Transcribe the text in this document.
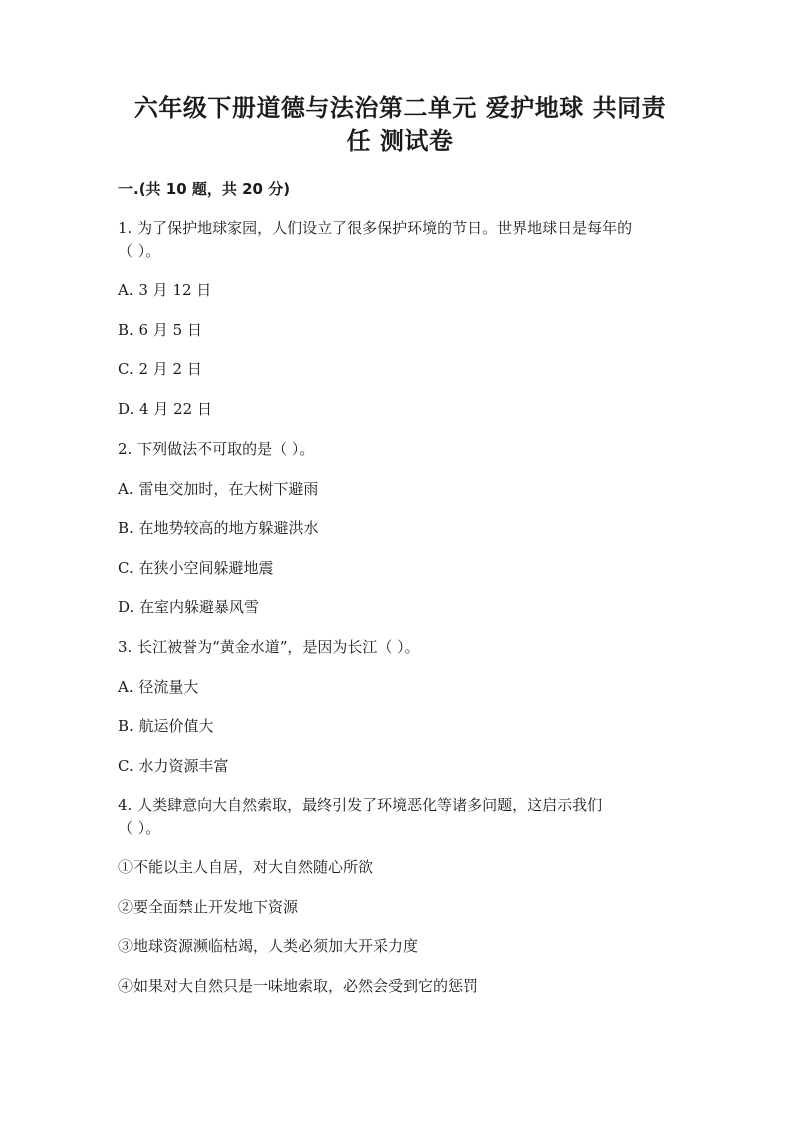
六年级下册道德与法治第二单元 爱护地球 共同责
任 测试卷
一.(共 10 题，共 20 分)
1. 为了保护地球家园，人们设立了很多保护环境的节日。世界地球日是每年的
（ ）。
A. 3 月 12 日
B. 6 月 5 日
C. 2 月 2 日
D. 4 月 22 日
2. 下列做法不可取的是（ ）。
A. 雷电交加时，在大树下避雨
B. 在地势较高的地方躲避洪水
C. 在狭小空间躲避地震
D. 在室内躲避暴风雪
3. 长江被誉为“黄金水道”，是因为长江（ ）。
A. 径流量大
B. 航运价值大
C. 水力资源丰富
4. 人类肆意向大自然索取，最终引发了环境恶化等诸多问题，这启示我们
（ ）。
①不能以主人自居，对大自然随心所欲
②要全面禁止开发地下资源
③地球资源濒临枯竭，人类必须加大开采力度
④如果对大自然只是一味地索取，必然会受到它的惩罚
